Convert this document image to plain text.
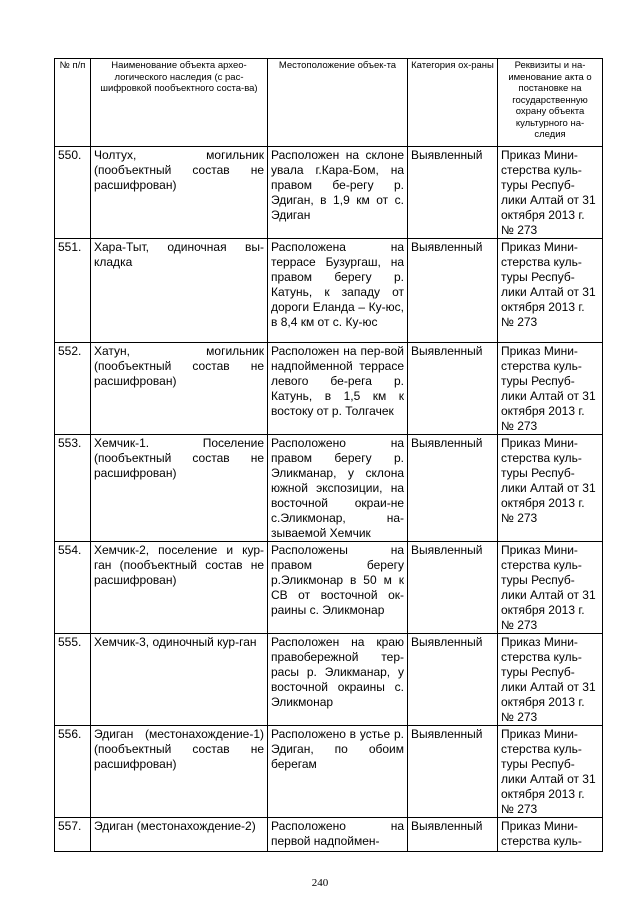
№ п/п	Наименование объекта архео-логического наследия (с рас-шифровкой пообъектного соста-ва)	Местоположение объек-та	Категория ох-раны	Реквизиты и на-именование акта о постановке на государственную охрану объекта культурного на-следия
550.	Чолтух, могильник (пообъектный состав не расшифрован)	Расположен на склоне увала г.Кара-Бом, на правом бе-регу р. Эдиган, в 1,9 км от с. Эдиган	Выявленный	Приказ Мини-стерства куль-туры Респуб-лики Алтай от 31 октября 2013 г. № 273
551.	Хара-Тыт, одиночная вы-кладка	Расположена на террасе Бузургаш, на правом берегу р. Катунь, к западу от дороги Еланда – Ку-юс, в 8,4 км от с. Ку-юс	Выявленный	Приказ Мини-стерства куль-туры Респуб-лики Алтай от 31 октября 2013 г. № 273
552.	Хатун, могильник (пообъектный состав не расшифрован)	Расположен на пер-вой надпойменной террасе левого бе-рега р. Катунь, в 1,5 км к востоку от р. Толгачек	Выявленный	Приказ Мини-стерства куль-туры Респуб-лики Алтай от 31 октября 2013 г. № 273
553.	Хемчик-1. Поселение (пообъектный состав не расшифрован)	Расположено на правом берегу р. Эликманар, у склона южной экспозиции, на восточной окраи-не с.Эликмонар, на-зываемой Хемчик	Выявленный	Приказ Мини-стерства куль-туры Респуб-лики Алтай от 31 октября 2013 г. № 273
554.	Хемчик-2, поселение и кур-ган (пообъектный состав не расшифрован)	Расположены на правом берегу р.Эликмонар в 50 м к СВ от восточной ок-раины с. Эликмонар	Выявленный	Приказ Мини-стерства куль-туры Респуб-лики Алтай от 31 октября 2013 г. № 273
555.	Хемчик-3, одиночный кур-ган	Расположен на краю правобережной тер-расы р. Эликманар, у восточной окраины с. Эликмонар	Выявленный	Приказ Мини-стерства куль-туры Респуб-лики Алтай от 31 октября 2013 г. № 273
556.	Эдиган (местонахождение-1) (пообъектный состав не расшифрован)	Расположено в устье р. Эдиган, по обоим берегам	Выявленный	Приказ Мини-стерства куль-туры Респуб-лики Алтай от 31 октября 2013 г. № 273
557.	Эдиган (местонахождение-2)	Расположено на первой надпоймен-	Выявленный	Приказ Мини-стерства куль-
240
